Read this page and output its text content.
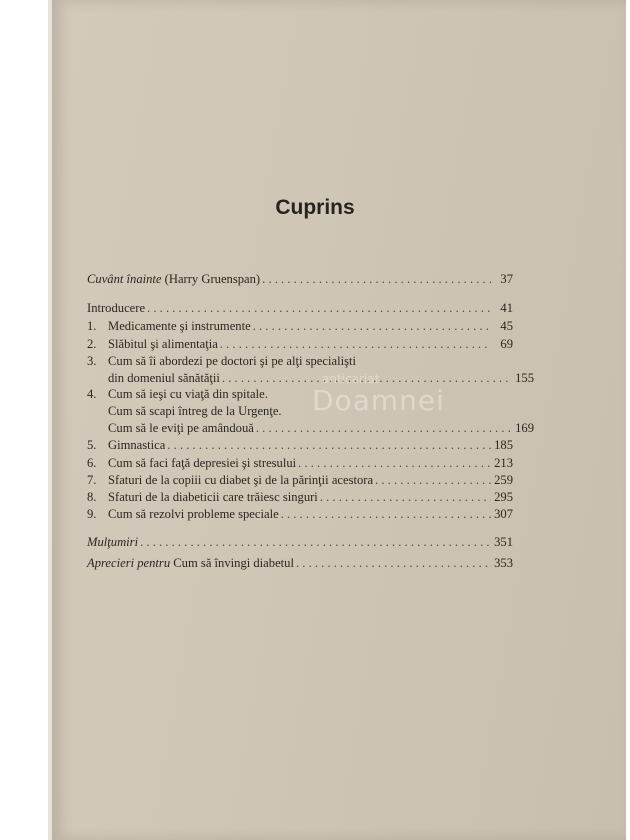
Cuprins
Cuvânt înainte (Harry Gruenspan) . . .	37
Introducere . . .	41
1. Medicamente şi instrumente . . .	45
2. Slăbitul şi alimentaţia . . .	69
3. Cum să îi abordezi pe doctori şi pe alţi specialişti
din domeniul sănătăţii . . .	155
4. Cum să ieşi cu viaţă din spitale.
Cum să scapi întreg de la Urgenţe.
Cum să le eviţi pe amândouă . . .	169
5. Gimnastica . . .	185
6. Cum să faci faţă depresiei şi stresului . . .	213
7. Sfaturi de la copiii cu diabet şi de la părinţii acestora . . .	259
8. Sfaturi de la diabeticii care trăiesc singuri . . .	295
9. Cum să rezolvi probleme speciale . . .	307
Mulţumiri . . .	351
Aprecieri pentru Cum să învingi diabetul . . .	353
anticariat
Doamnei
